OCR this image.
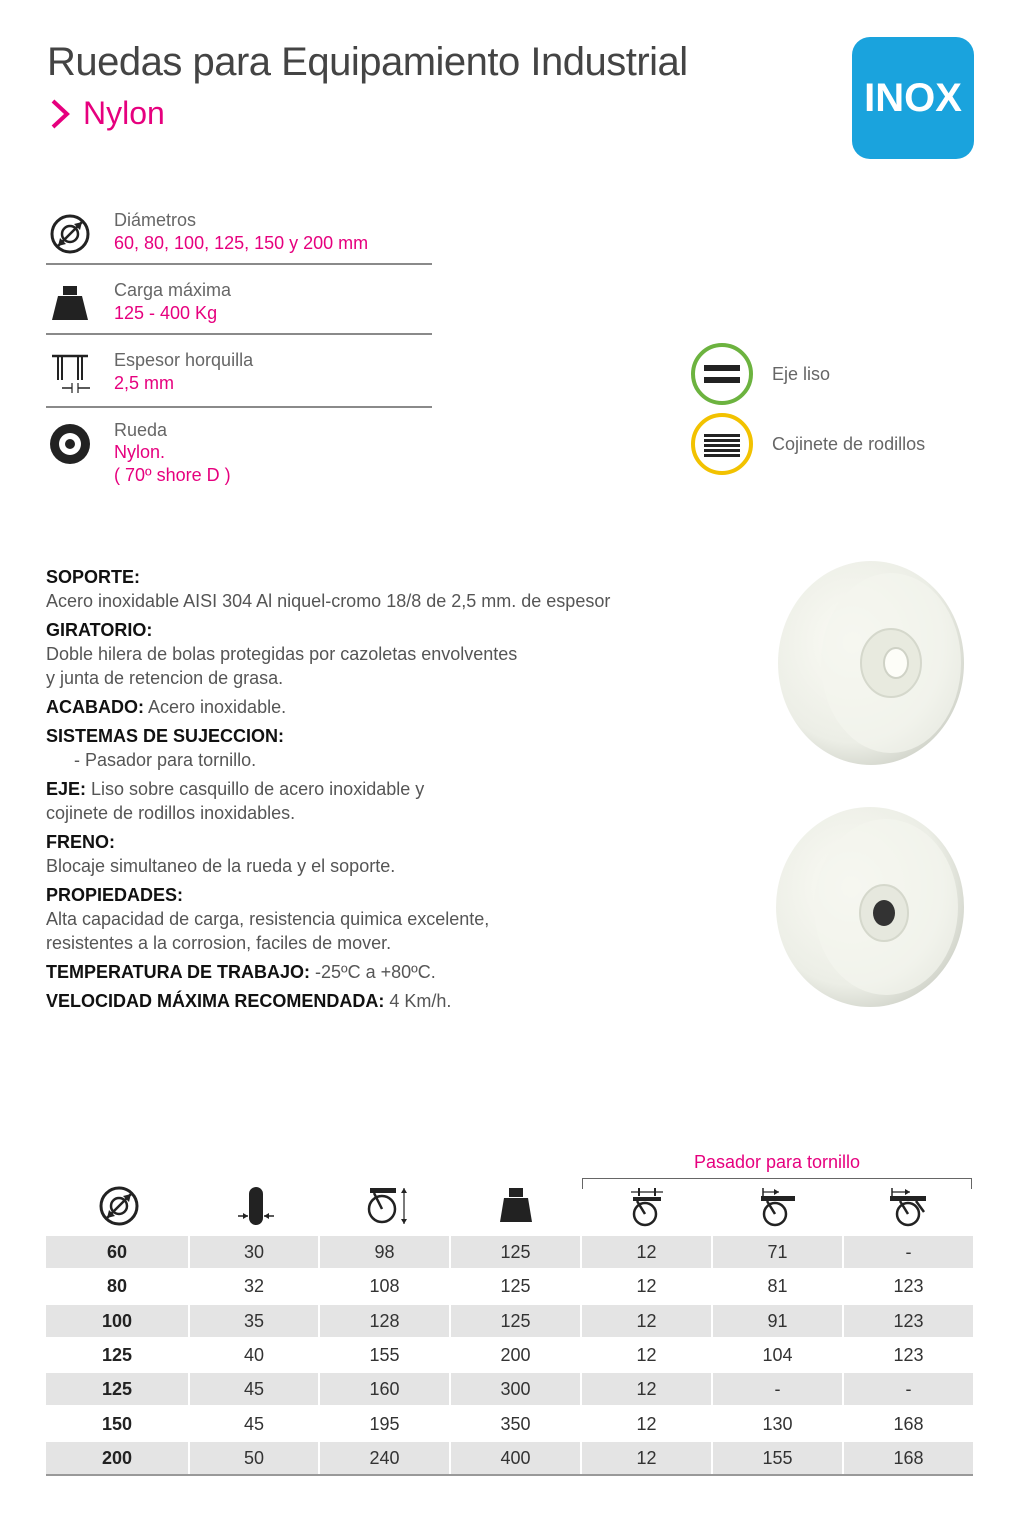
Ruedas para Equipamiento Industrial
Nylon	INOX
Diámetros
60, 80, 100, 125, 150 y 200 mm
Carga máxima
125 - 400 Kg
Espesor horquilla
2,5 mm
Rueda
Nylon.
( 70º shore D )
Eje liso
Cojinete de rodillos
SOPORTE:
Acero inoxidable AISI 304 Al niquel-cromo 18/8 de 2,5 mm. de espesor
GIRATORIO:
Doble hilera de bolas protegidas por cazoletas envolventes
y junta de retencion de grasa.
ACABADO: Acero inoxidable.
SISTEMAS DE SUJECCION:
- Pasador para tornillo.
EJE: Liso sobre casquillo de acero inoxidable y
cojinete de rodillos inoxidables.
FRENO:
Blocaje simultaneo de la rueda y el soporte.
PROPIEDADES:
Alta capacidad de carga, resistencia quimica excelente,
resistentes a la corrosion, faciles de mover.
TEMPERATURA DE TRABAJO: -25ºC a +80ºC.
VELOCIDAD MÁXIMA RECOMENDADA: 4 Km/h.
Pasador para tornillo
60	30	98	125	12	71	-
80	32	108	125	12	81	123
100	35	128	125	12	91	123
125	40	155	200	12	104	123
125	45	160	300	12	-	-
150	45	195	350	12	130	168
200	50	240	400	12	155	168
